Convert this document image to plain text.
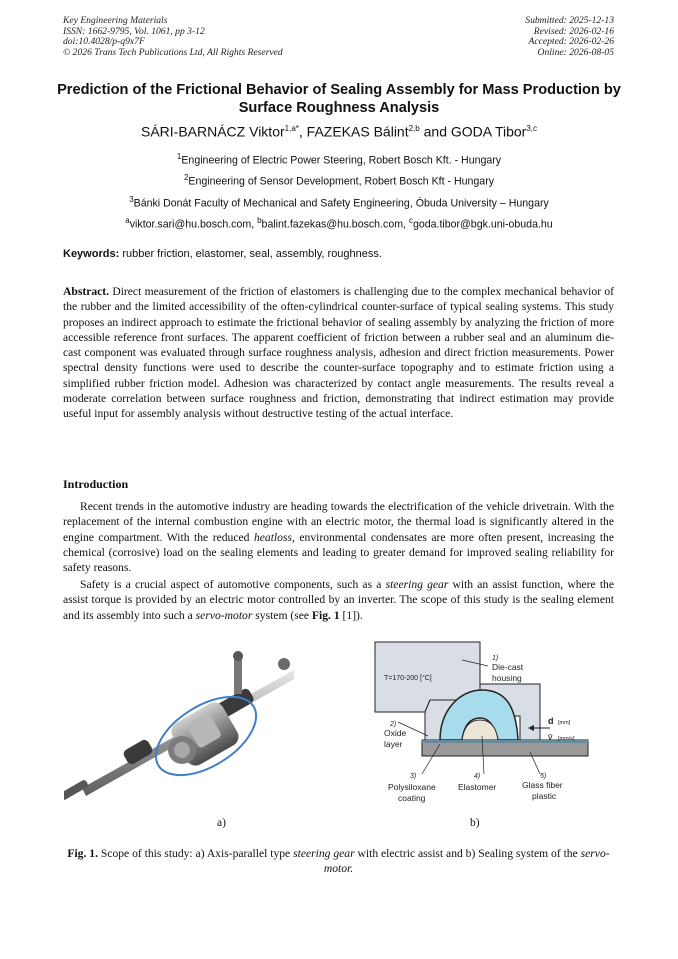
Key Engineering Materials
ISSN: 1662-9795, Vol. 1061, pp 3-12
doi:10.4028/p-q9x7F
© 2026 Trans Tech Publications Ltd, All Rights Reserved
Submitted: 2025-12-13
Revised: 2026-02-16
Accepted: 2026-02-26
Online: 2026-08-05
Prediction of the Frictional Behavior of Sealing Assembly for Mass Production by Surface Roughness Analysis
SÁRI-BARNÁCZ Viktor$^{1,a*}$, FAZEKAS Bálint$^{2,b}$ and GODA Tibor$^{3,c}$
$^1$Engineering of Electric Power Steering, Robert Bosch Kft. - Hungary
$^2$Engineering of Sensor Development, Robert Bosch Kft - Hungary
$^3$Bánki Donát Faculty of Mechanical and Safety Engineering, Óbuda University – Hungary
$^a$viktor.sari@hu.bosch.com, $^b$balint.fazekas@hu.bosch.com, $^c$goda.tibor@bgk.uni-obuda.hu
Keywords: rubber friction, elastomer, seal, assembly, roughness.
Abstract. Direct measurement of the friction of elastomers is challenging due to the complex mechanical behavior of the rubber and the limited accessibility of the often-cylindrical counter-surface of typical sealing systems. This study proposes an indirect approach to estimate the frictional behavior of sealing assembly by analyzing the friction of more accessible reference front surfaces. The apparent coefficient of friction between a rubber seal and an aluminum die-cast component was evaluated through surface roughness analysis, adhesion and direct friction measurements. Power spectral density functions were used to describe the counter-surface topography and to estimate friction using a simplified rubber friction model. Adhesion was characterized by contact angle measurements. The results reveal a moderate correlation between surface roughness and friction, demonstrating that indirect estimation may provide useful input for assembly analysis without destructive testing of the actual interface.
Introduction
Recent trends in the automotive industry are heading towards the electrification of the vehicle drivetrain. With the replacement of the internal combustion engine with an electric motor, the thermal load is significantly altered in the engine compartment. With the reduced heatloss, environmental condensates are more often present, increasing the chemical (corrosive) load on the sealing elements and leading to greater demand for improved sealing reliability for safety reasons.
Safety is a crucial aspect of automotive components, such as a steering gear with an assist function, where the assist torque is provided by an electric motor controlled by an inverter. The scope of this study is the sealing element and its assembly into such a servo-motor system (see Fig. 1 [1]).
T=170-200 [°C]
1)
Die-cast
housing
2)
Oxide
layer
3)
Polysiloxane
coating
4)
Elastomer
5)
Glass fiber
plastic
d [mm]
v̄ [mm/s]
a)	b)
Fig. 1. Scope of this study: a) Axis-parallel type steering gear with electric assist and b) Sealing system of the servo-motor.
